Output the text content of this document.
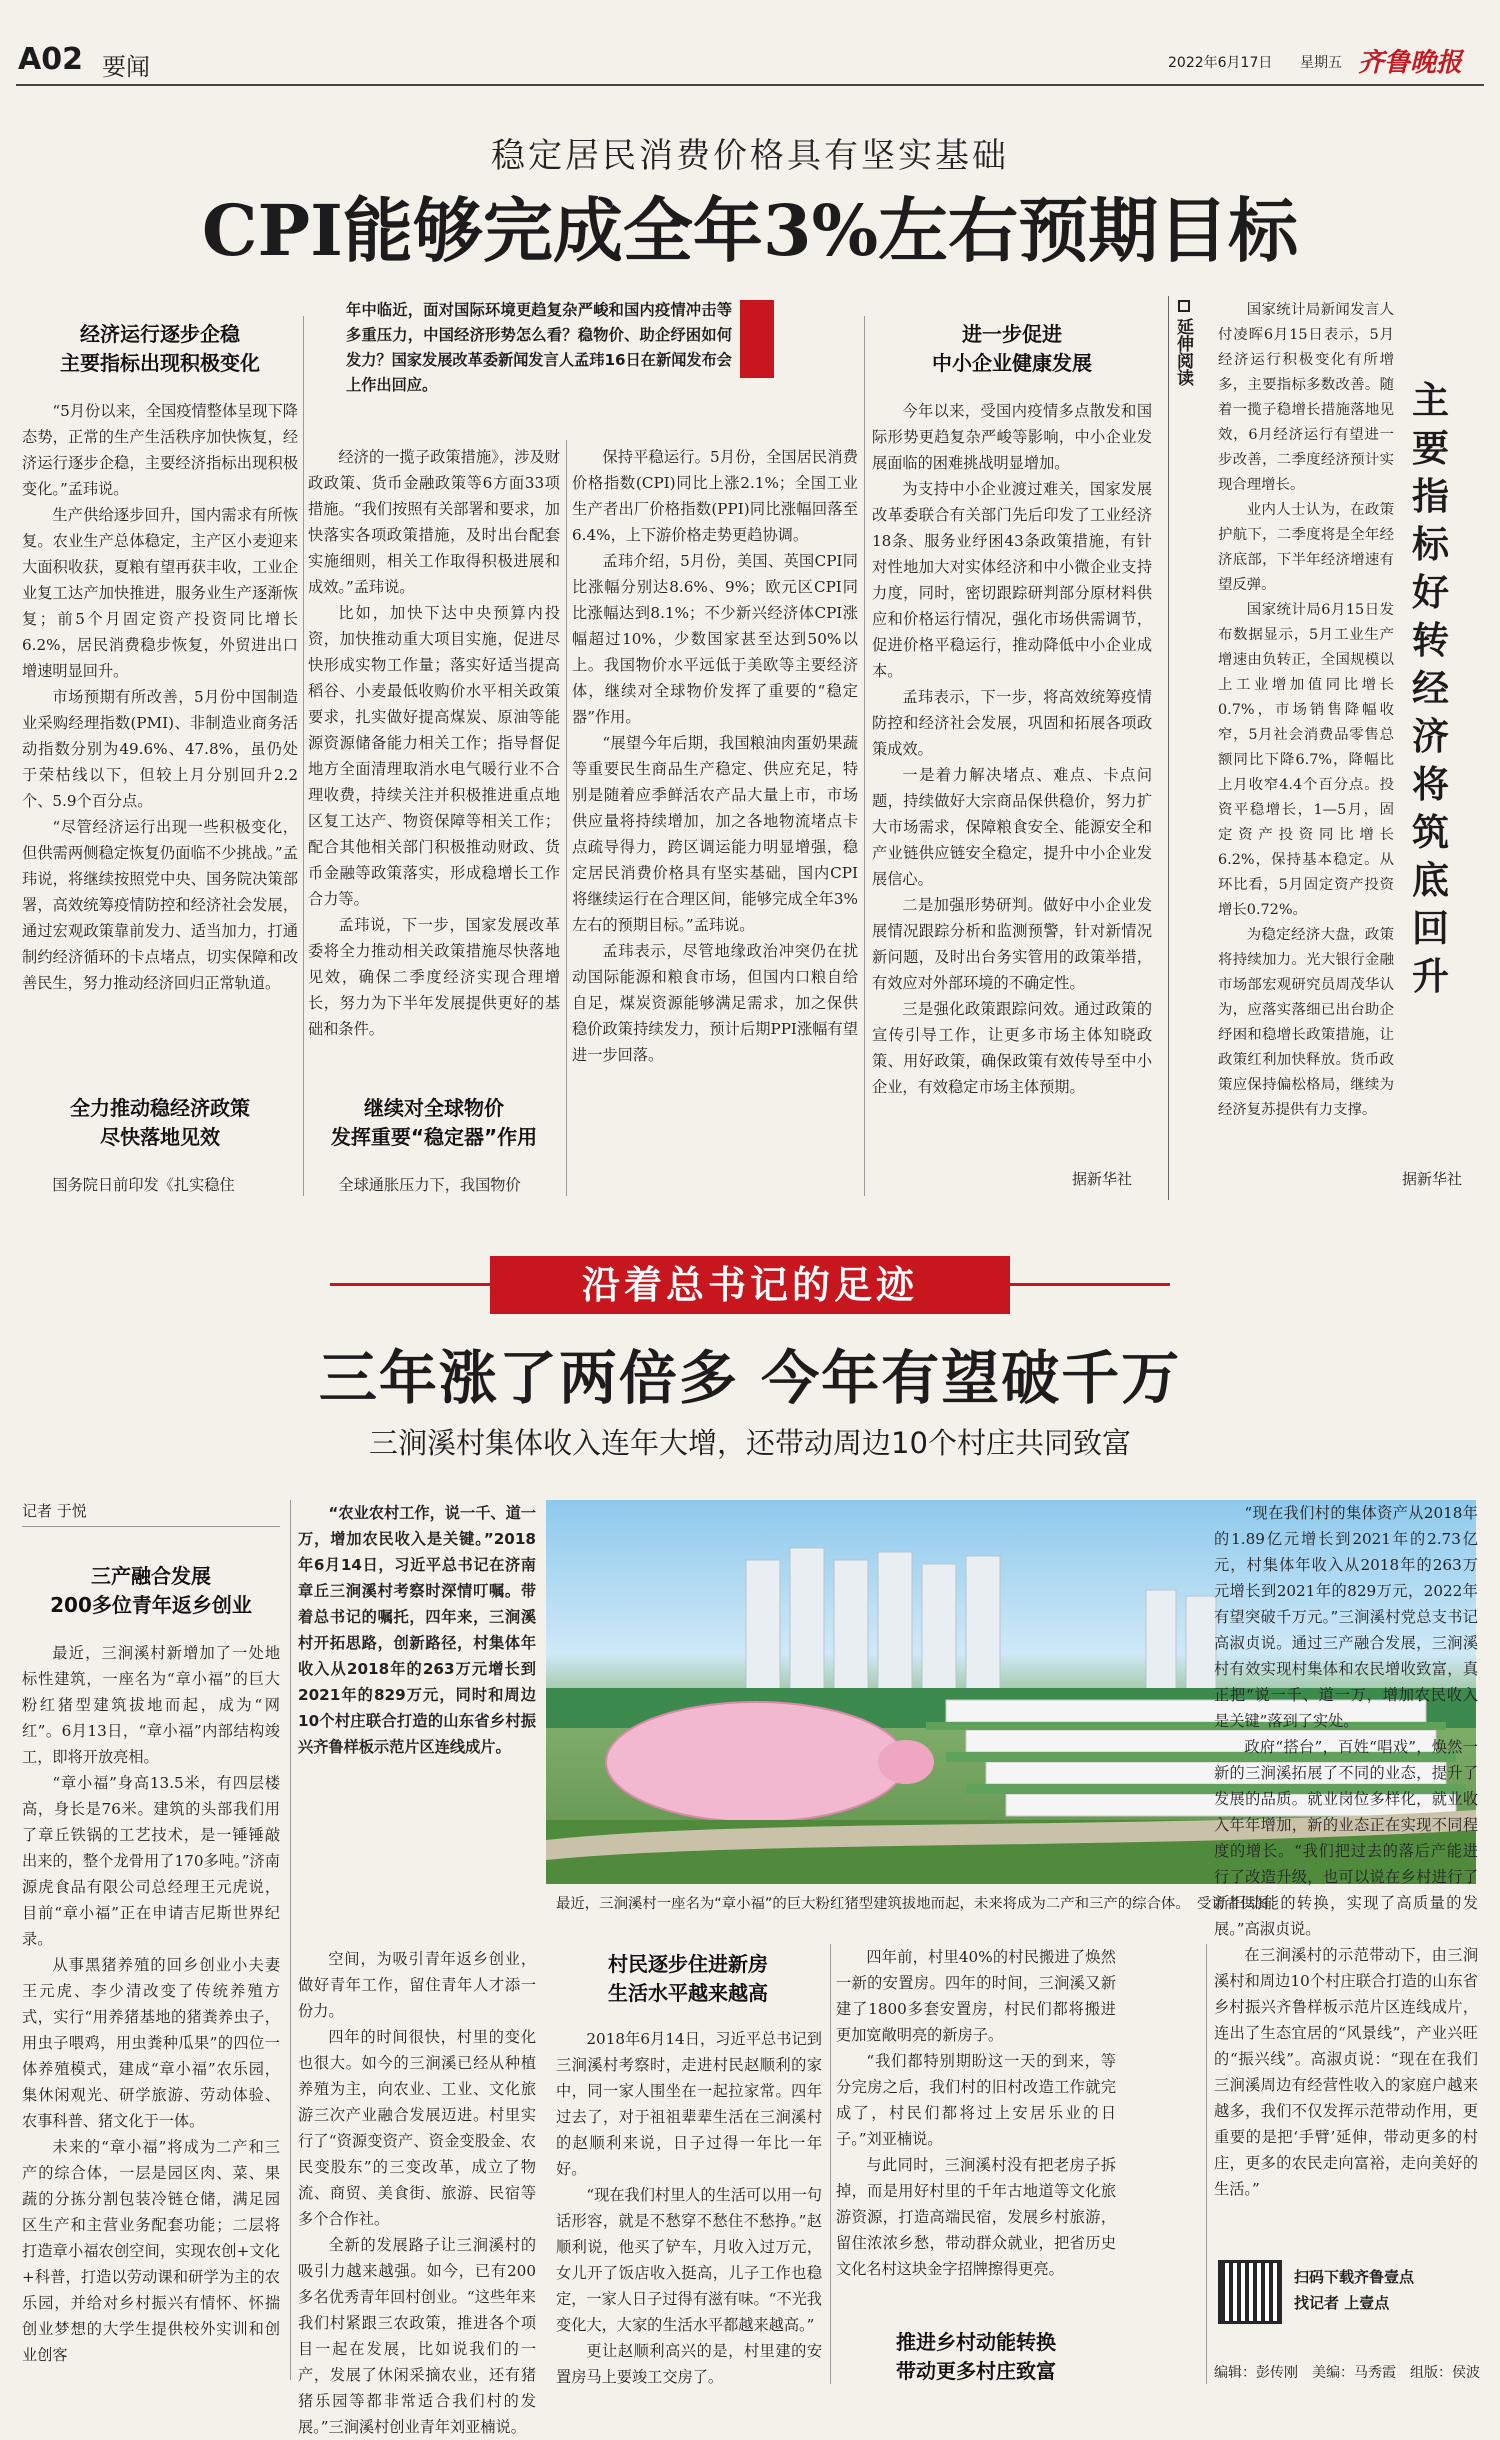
A02 要闻	2022年6月17日 星期五 齐鲁晚报
稳定居民消费价格具有坚实基础
CPI能够完成全年3%左右预期目标
经济运行逐步企稳
主要指标出现积极变化

“5月份以来，全国疫情整体呈现下降态势，正常的生产生活秩序加快恢复，经济运行逐步企稳，主要经济指标出现积极变化。”孟玮说。

生产供给逐步回升，国内需求有所恢复。农业生产总体稳定，主产区小麦迎来大面积收获，夏粮有望再获丰收，工业企业复工达产加快推进，服务业生产逐渐恢复；前5个月固定资产投资同比增长6.2%，居民消费稳步恢复，外贸进出口增速明显回升。

市场预期有所改善，5月份中国制造业采购经理指数(PMI)、非制造业商务活动指数分别为49.6%、47.8%，虽仍处于荣枯线以下，但较上月分别回升2.2个、5.9个百分点。

“尽管经济运行出现一些积极变化，但供需两侧稳定恢复仍面临不少挑战。”孟玮说，将继续按照党中央、国务院决策部署，高效统筹疫情防控和经济社会发展，通过宏观政策靠前发力、适当加力，打通制约经济循环的卡点堵点，切实保障和改善民生，努力推动经济回归正常轨道。

全力推动稳经济政策
尽快落地见效

国务院日前印发《扎实稳住

年中临近，面对国际环境更趋复杂严峻和国内疫情冲击等多重压力，中国经济形势怎么看？稳物价、助企纾困如何发力？国家发展改革委新闻发言人孟玮16日在新闻发布会上作出回应。

经济的一揽子政策措施》，涉及财政政策、货币金融政策等6方面33项措施。“我们按照有关部署和要求，加快落实各项政策措施，及时出台配套实施细则，相关工作取得积极进展和成效。”孟玮说。

比如，加快下达中央预算内投资，加快推动重大项目实施，促进尽快形成实物工作量；落实好适当提高稻谷、小麦最低收购价水平相关政策要求，扎实做好提高煤炭、原油等能源资源储备能力相关工作；指导督促地方全面清理取消水电气暖行业不合理收费，持续关注并积极推进重点地区复工达产、物资保障等相关工作；配合其他相关部门积极推动财政、货币金融等政策落实，形成稳增长工作合力等。

孟玮说，下一步，国家发展改革委将全力推动相关政策措施尽快落地见效，确保二季度经济实现合理增长，努力为下半年发展提供更好的基础和条件。

继续对全球物价
发挥重要“稳定器”作用

全球通胀压力下，我国物价

保持平稳运行。5月份，全国居民消费价格指数(CPI)同比上涨2.1%；全国工业生产者出厂价格指数(PPI)同比涨幅回落至6.4%，上下游价格走势更趋协调。

孟玮介绍，5月份，美国、英国CPI同比涨幅分别达8.6%、9%；欧元区CPI同比涨幅达到8.1%；不少新兴经济体CPI涨幅超过10%，少数国家甚至达到50%以上。我国物价水平远低于美欧等主要经济体，继续对全球物价发挥了重要的“稳定器”作用。

“展望今年后期，我国粮油肉蛋奶果蔬等重要民生商品生产稳定、供应充足，特别是随着应季鲜活农产品大量上市，市场供应量将持续增加，加之各地物流堵点卡点疏导得力，跨区调运能力明显增强，稳定居民消费价格具有坚实基础，国内CPI将继续运行在合理区间，能够完成全年3%左右的预期目标。”孟玮说。

孟玮表示，尽管地缘政治冲突仍在扰动国际能源和粮食市场，但国内口粮自给自足，煤炭资源能够满足需求，加之保供稳价政策持续发力，预计后期PPI涨幅有望进一步回落。

进一步促进
中小企业健康发展

今年以来，受国内疫情多点散发和国际形势更趋复杂严峻等影响，中小企业发展面临的困难挑战明显增加。

为支持中小企业渡过难关，国家发展改革委联合有关部门先后印发了工业经济18条、服务业纾困43条政策措施，有针对性地加大对实体经济和中小微企业支持力度，同时，密切跟踪研判部分原材料供应和价格运行情况，强化市场供需调节，促进价格平稳运行，推动降低中小企业成本。

孟玮表示，下一步，将高效统筹疫情防控和经济社会发展，巩固和拓展各项政策成效。

一是着力解决堵点、难点、卡点问题，持续做好大宗商品保供稳价，努力扩大市场需求，保障粮食安全、能源安全和产业链供应链安全稳定，提升中小企业发展信心。

二是加强形势研判。做好中小企业发展情况跟踪分析和监测预警，针对新情况新问题，及时出台务实管用的政策举措，有效应对外部环境的不确定性。

三是强化政策跟踪问效。通过政策的宣传引导工作，让更多市场主体知晓政策、用好政策，确保政策有效传导至中小企业，有效稳定市场主体预期。

据新华社
延伸阅读

国家统计局新闻发言人付凌晖6月15日表示，5月经济运行积极变化有所增多，主要指标多数改善。随着一揽子稳增长措施落地见效，6月经济运行有望进一步改善，二季度经济预计实现合理增长。

业内人士认为，在政策护航下，二季度将是全年经济底部，下半年经济增速有望反弹。

国家统计局6月15日发布数据显示，5月工业生产增速由负转正，全国规模以上工业增加值同比增长0.7%，市场销售降幅收窄，5月社会消费品零售总额同比下降6.7%，降幅比上月收窄4.4个百分点。投资平稳增长，1—5月，固定资产投资同比增长6.2%，保持基本稳定。从环比看，5月固定资产投资增长0.72%。

为稳定经济大盘，政策将持续加力。光大银行金融市场部宏观研究员周茂华认为，应落实落细已出台助企纾困和稳增长政策措施，让政策红利加快释放。货币政策应保持偏松格局，继续为经济复苏提供有力支撑。

主要指标好转 经济将筑底回升
据新华社
沿着总书记的足迹
三年涨了两倍多 今年有望破千万
三涧溪村集体收入连年大增，还带动周边10个村庄共同致富
记者 于悦
三产融合发展
200多位青年返乡创业

最近，三涧溪村新增加了一处地标性建筑，一座名为“章小福”的巨大粉红猪型建筑拔地而起，成为“网红”。6月13日，“章小福”内部结构竣工，即将开放亮相。

“章小福”身高13.5米，有四层楼高，身长是76米。建筑的头部我们用了章丘铁锅的工艺技术，是一锤锤敲出来的，整个龙骨用了170多吨。”济南源虎食品有限公司总经理王元虎说，目前“章小福”正在申请吉尼斯世界纪录。

从事黑猪养殖的回乡创业小夫妻王元虎、李少清改变了传统养殖方式，实行“用养猪基地的猪粪养虫子，用虫子喂鸡，用虫粪种瓜果”的四位一体养殖模式，建成“章小福”农乐园，集休闲观光、研学旅游、劳动体验、农事科普、猪文化于一体。

未来的“章小福”将成为二产和三产的综合体，一层是园区肉、菜、果蔬的分拣分割包装冷链仓储，满足园区生产和主营业务配套功能；二层将打造章小福农创空间，实现农创+文化+科普，打造以劳动课和研学为主的农乐园，并给对乡村振兴有情怀、怀揣创业梦想的大学生提供校外实训和创业创客

“农业农村工作，说一千、道一万，增加农民收入是关键。”2018年6月14日，习近平总书记在济南章丘三涧溪村考察时深情叮嘱。带着总书记的嘱托，四年来，三涧溪村开拓思路，创新路径，村集体年收入从2018年的263万元增长到2021年的829万元，同时和周边10个村庄联合打造的山东省乡村振兴齐鲁样板示范片区连线成片。

最近，三涧溪村一座名为“章小福”的巨大粉红猪型建筑拔地而起，未来将成为二产和三产的综合体。　受访者供图

空间，为吸引青年返乡创业，做好青年工作，留住青年人才添一份力。

四年的时间很快，村里的变化也很大。如今的三涧溪已经从种植养殖为主，向农业、工业、文化旅游三次产业融合发展迈进。村里实行了“资源变资产、资金变股金、农民变股东”的三变改革，成立了物流、商贸、美食街、旅游、民宿等多个合作社。

全新的发展路子让三涧溪村的吸引力越来越强。如今，已有200多名优秀青年回村创业。“这些年来我们村紧跟三农政策，推进各个项目一起在发展，比如说我们的一产，发展了休闲采摘农业，还有猪猪乐园等都非常适合我们村的发展。”三涧溪村创业青年刘亚楠说。

村民逐步住进新房
生活水平越来越高

2018年6月14日，习近平总书记到三涧溪村考察时，走进村民赵顺利的家中，同一家人围坐在一起拉家常。四年过去了，对于祖祖辈辈生活在三涧溪村的赵顺利来说，日子过得一年比一年好。

“现在我们村里人的生活可以用一句话形容，就是不愁穿不愁住不愁挣。”赵顺利说，他买了铲车，月收入过万元，女儿开了饭店收入挺高，儿子工作也稳定，一家人日子过得有滋有味。“不光我变化大，大家的生活水平都越来越高。”

更让赵顺利高兴的是，村里建的安置房马上要竣工交房了。

四年前，村里40%的村民搬进了焕然一新的安置房。四年的时间，三涧溪又新建了1800多套安置房，村民们都将搬进更加宽敞明亮的新房子。

“我们都特别期盼这一天的到来，等分完房之后，我们村的旧村改造工作就完成了，村民们都将过上安居乐业的日子。”刘亚楠说。

与此同时，三涧溪村没有把老房子拆掉，而是用好村里的千年古地道等文化旅游资源，打造高端民宿，发展乡村旅游，留住浓浓乡愁，带动群众就业，把省历史文化名村这块金字招牌擦得更亮。

推进乡村动能转换
带动更多村庄致富

“现在我们村的集体资产从2018年的1.89亿元增长到2021年的2.73亿元，村集体年收入从2018年的263万元增长到2021年的829万元，2022年有望突破千万元。”三涧溪村党总支书记高淑贞说。通过三产融合发展，三涧溪村有效实现村集体和农民增收致富，真正把“说一千、道一万，增加农民收入是关键”落到了实处。

政府“搭台”，百姓“唱戏”，焕然一新的三涧溪拓展了不同的业态，提升了发展的品质。就业岗位多样化，就业收入年年增加，新的业态正在实现不同程度的增长。“我们把过去的落后产能进行了改造升级，也可以说在乡村进行了新旧动能的转换，实现了高质量的发展。”高淑贞说。

在三涧溪村的示范带动下，由三涧溪村和周边10个村庄联合打造的山东省乡村振兴齐鲁样板示范片区连线成片，连出了生态宜居的“风景线”，产业兴旺的“振兴线”。高淑贞说：“现在在我们三涧溪周边有经营性收入的家庭户越来越多，我们不仅发挥示范带动作用，更重要的是把‘手臂’延伸，带动更多的村庄，更多的农民走向富裕，走向美好的生活。”

扫码下载齐鲁壹点
找记者 上壹点
编辑：彭传刚　美编：马秀霞　组版：侯波
